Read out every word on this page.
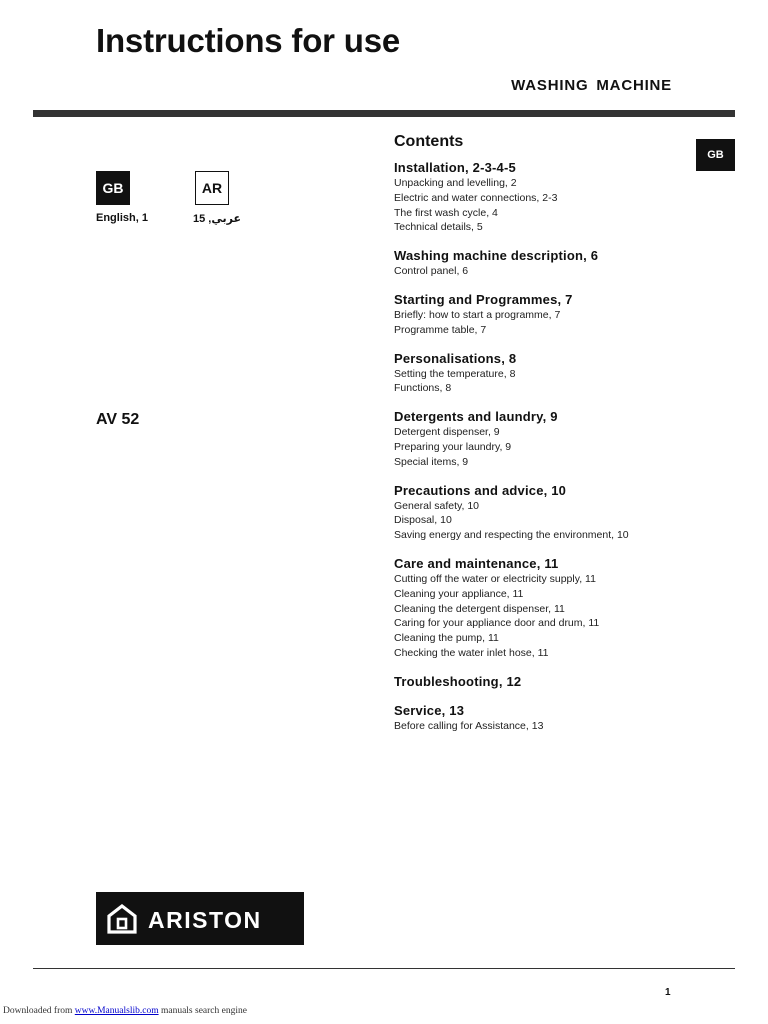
Instructions for use
WASHING MACHINE
GB	AR
English, 1	عربي, 15
AV 52
GB
Contents
Installation, 2-3-4-5
Unpacking and levelling, 2
Electric and water connections, 2-3
The first wash cycle, 4
Technical details, 5
Washing machine description, 6
Control panel, 6
Starting and Programmes, 7
Briefly: how to start a programme, 7
Programme table, 7
Personalisations, 8
Setting the temperature, 8
Functions, 8
Detergents and laundry, 9
Detergent dispenser, 9
Preparing your laundry, 9
Special items, 9
Precautions and advice, 10
General safety, 10
Disposal, 10
Saving energy and respecting the environment, 10
Care and maintenance, 11
Cutting off the water or electricity supply, 11
Cleaning your appliance, 11
Cleaning the detergent dispenser, 11
Caring for your appliance door and drum, 11
Cleaning the pump, 11
Checking the water inlet hose, 11
Troubleshooting, 12
Service, 13
Before calling for Assistance, 13
ARISTON
1
Downloaded from www.Manualslib.com manuals search engine
